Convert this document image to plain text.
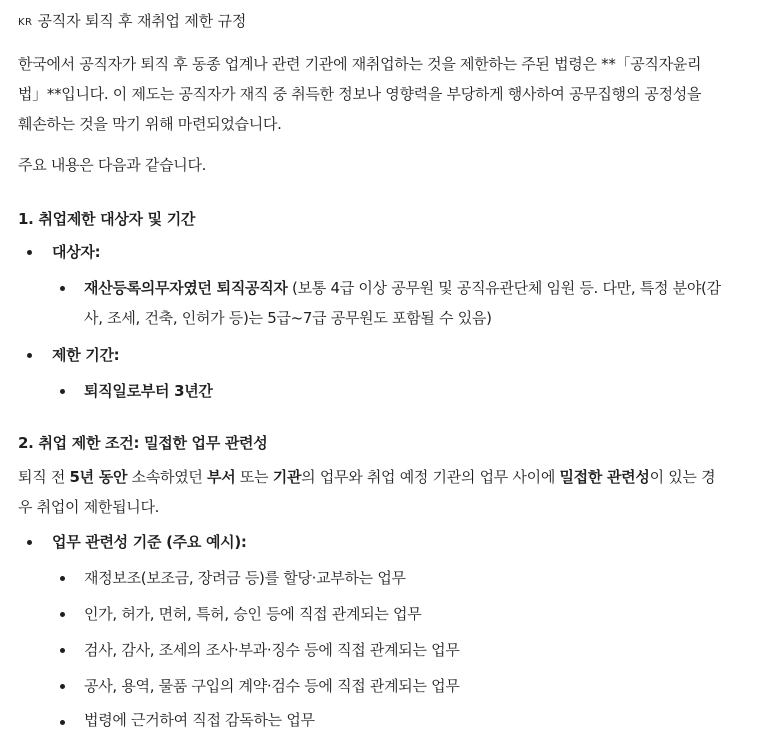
KR 공직자 퇴직 후 재취업 제한 규정
한국에서 공직자가 퇴직 후 동종 업계나 관련 기관에 재취업하는 것을 제한하는 주된 법령은 **「공직자윤리법」**입니다. 이 제도는 공직자가 재직 중 취득한 정보나 영향력을 부당하게 행사하여 공무집행의 공정성을 훼손하는 것을 막기 위해 마련되었습니다.
주요 내용은 다음과 같습니다.
1. 취업제한 대상자 및 기간
대상자:
재산등록의무자였던 퇴직공직자 (보통 4급 이상 공무원 및 공직유관단체 임원 등. 다만, 특정 분야(감사, 조세, 건축, 인허가 등)는 5급~7급 공무원도 포함될 수 있음)
제한 기간:
퇴직일로부터 3년간
2. 취업 제한 조건: 밀접한 업무 관련성
퇴직 전 5년 동안 소속하였던 부서 또는 기관의 업무와 취업 예정 기관의 업무 사이에 밀접한 관련성이 있는 경우 취업이 제한됩니다.
업무 관련성 기준 (주요 예시):
재정보조(보조금, 장려금 등)를 할당·교부하는 업무
인가, 허가, 면허, 특허, 승인 등에 직접 관계되는 업무
검사, 감사, 조세의 조사·부과·징수 등에 직접 관계되는 업무
공사, 용역, 물품 구입의 계약·검수 등에 직접 관계되는 업무
법령에 근거하여 직접 감독하는 업무
